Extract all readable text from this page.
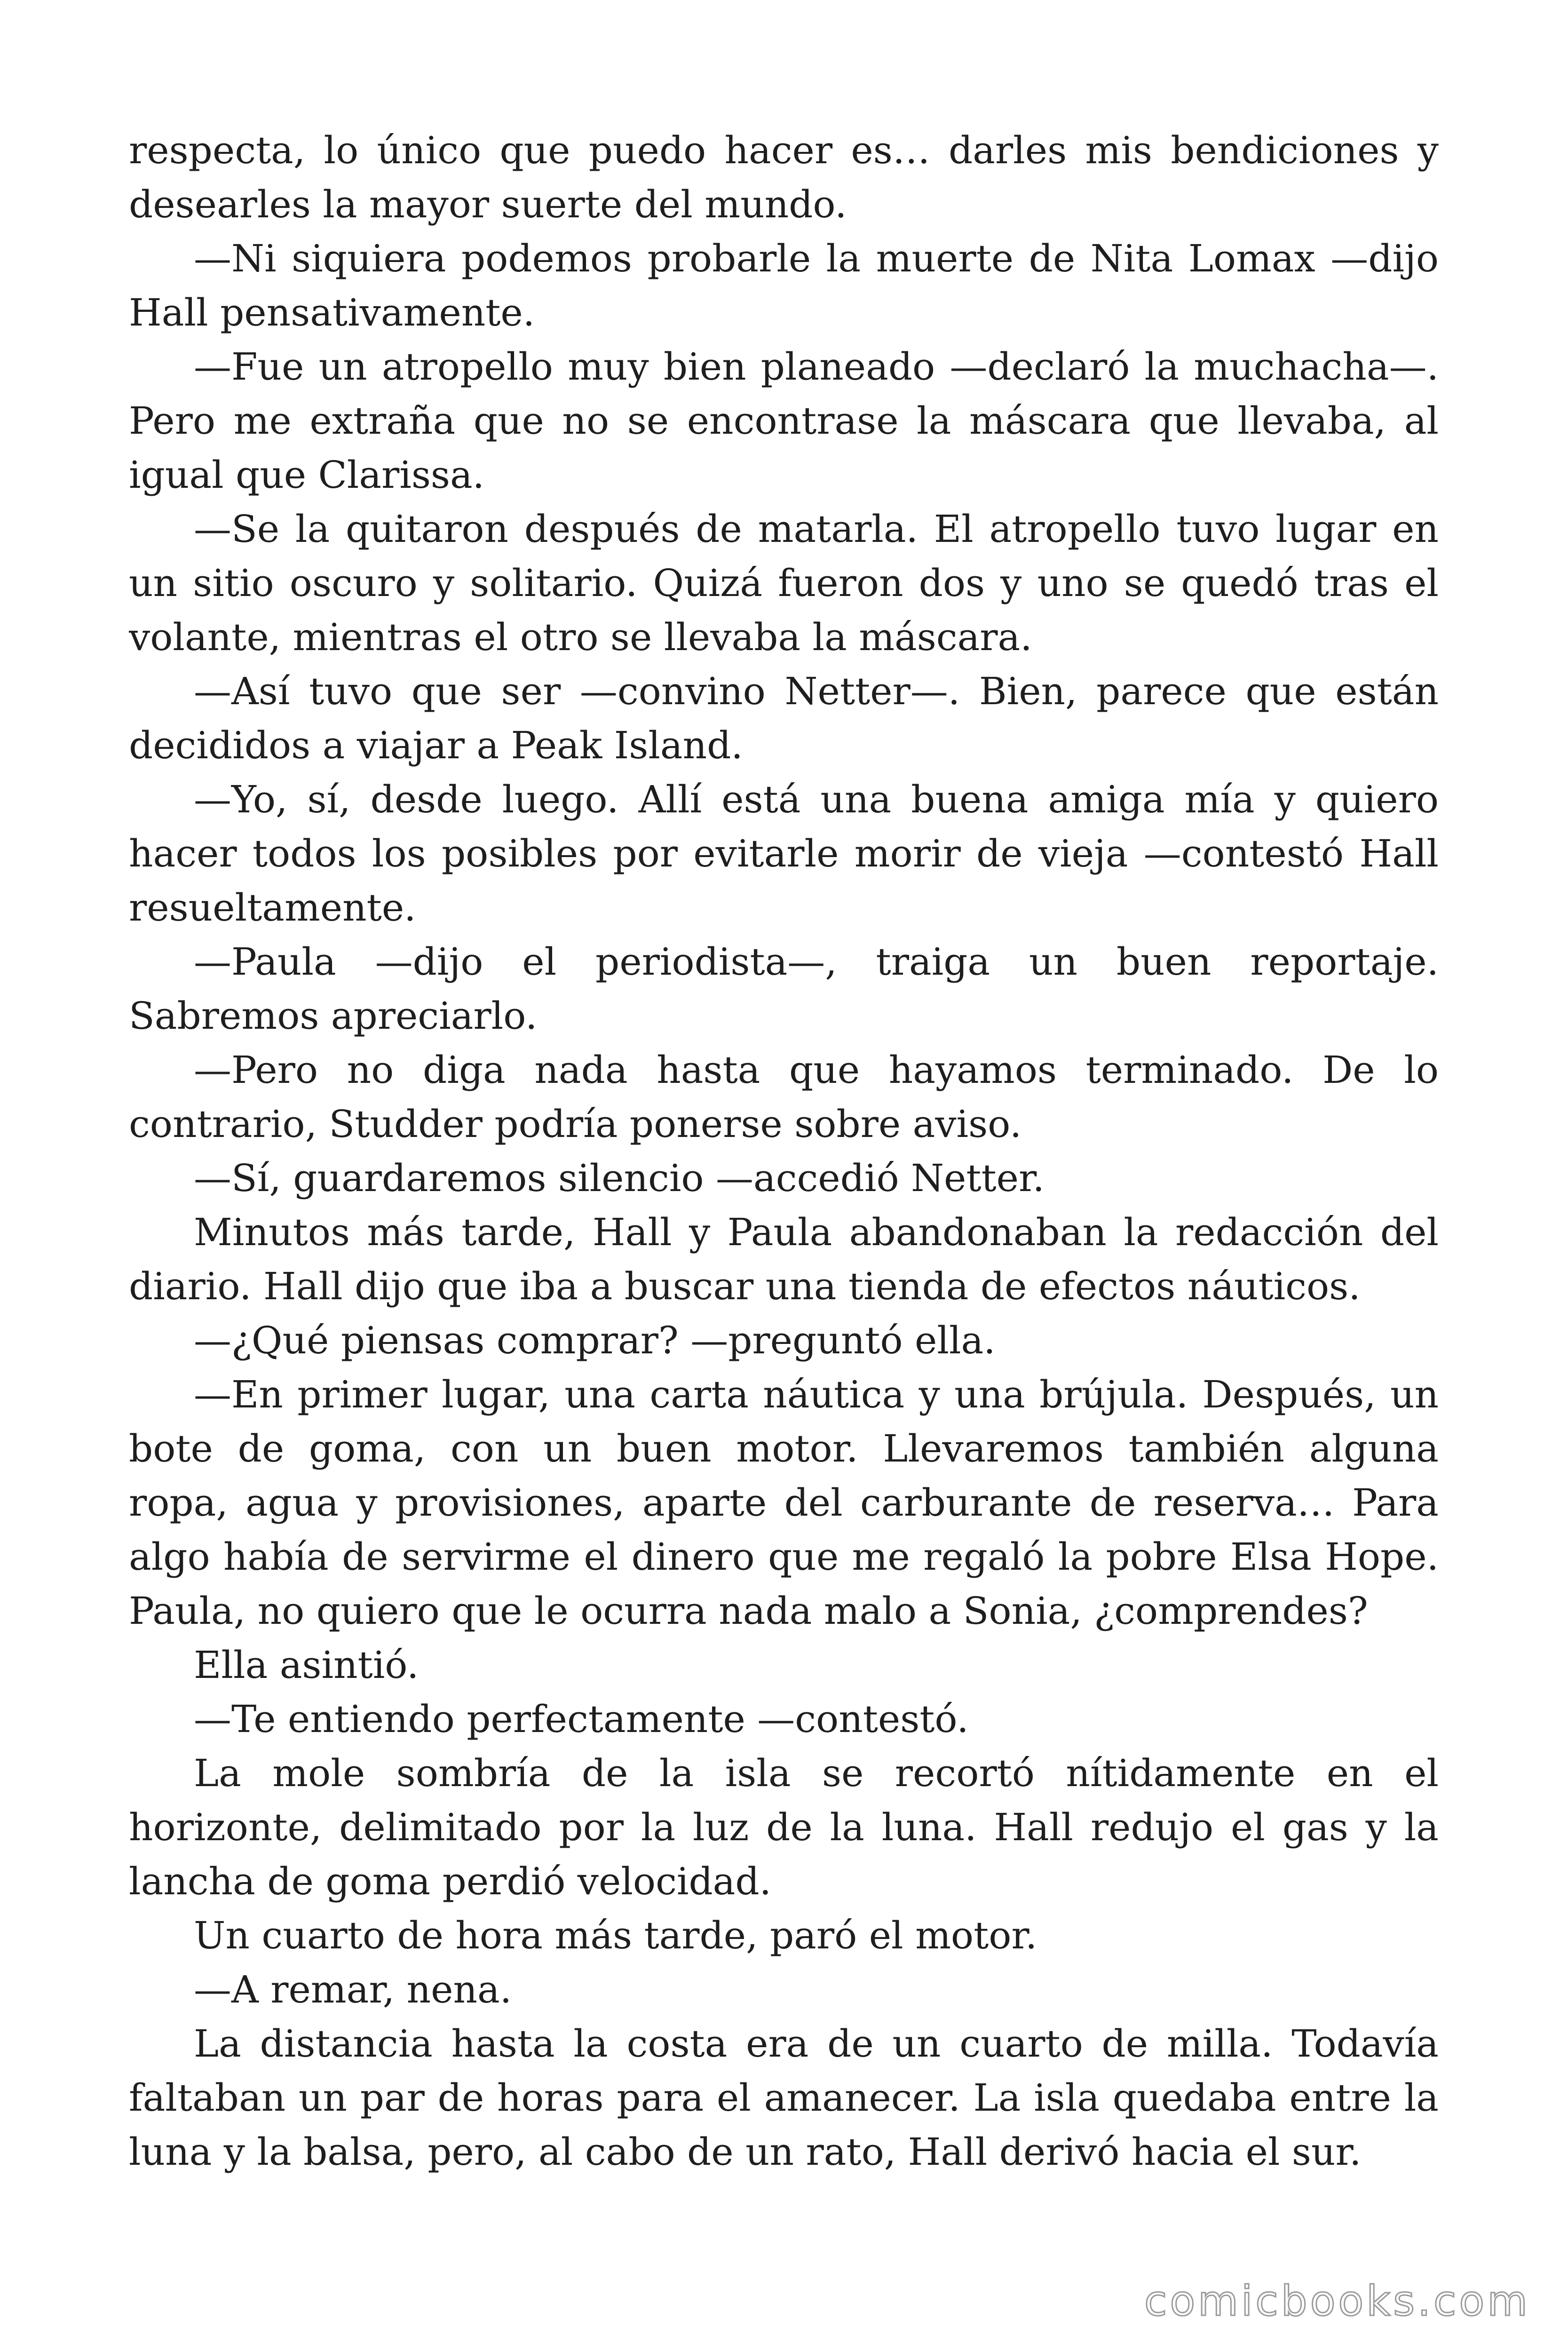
respecta, lo único que puedo hacer es… darles mis bendiciones y
desearles la mayor suerte del mundo.
—Ni siquiera podemos probarle la muerte de Nita Lomax —dijo
Hall pensativamente.
—Fue un atropello muy bien planeado —declaró la muchacha—.
Pero me extraña que no se encontrase la máscara que llevaba, al
igual que Clarissa.
—Se la quitaron después de matarla. El atropello tuvo lugar en
un sitio oscuro y solitario. Quizá fueron dos y uno se quedó tras el
volante, mientras el otro se llevaba la máscara.
—Así tuvo que ser —convino Netter—. Bien, parece que están
decididos a viajar a Peak Island.
—Yo, sí, desde luego. Allí está una buena amiga mía y quiero
hacer todos los posibles por evitarle morir de vieja —contestó Hall
resueltamente.
—Paula —dijo el periodista—, traiga un buen reportaje.
Sabremos apreciarlo.
—Pero no diga nada hasta que hayamos terminado. De lo
contrario, Studder podría ponerse sobre aviso.
—Sí, guardaremos silencio —accedió Netter.
Minutos más tarde, Hall y Paula abandonaban la redacción del
diario. Hall dijo que iba a buscar una tienda de efectos náuticos.
—¿Qué piensas comprar? —preguntó ella.
—En primer lugar, una carta náutica y una brújula. Después, un
bote de goma, con un buen motor. Llevaremos también alguna
ropa, agua y provisiones, aparte del carburante de reserva… Para
algo había de servirme el dinero que me regaló la pobre Elsa Hope.
Paula, no quiero que le ocurra nada malo a Sonia, ¿comprendes?
Ella asintió.
—Te entiendo perfectamente —contestó.
La mole sombría de la isla se recortó nítidamente en el
horizonte, delimitado por la luz de la luna. Hall redujo el gas y la
lancha de goma perdió velocidad.
Un cuarto de hora más tarde, paró el motor.
—A remar, nena.
La distancia hasta la costa era de un cuarto de milla. Todavía
faltaban un par de horas para el amanecer. La isla quedaba entre la
luna y la balsa, pero, al cabo de un rato, Hall derivó hacia el sur.
comicbooks.com
